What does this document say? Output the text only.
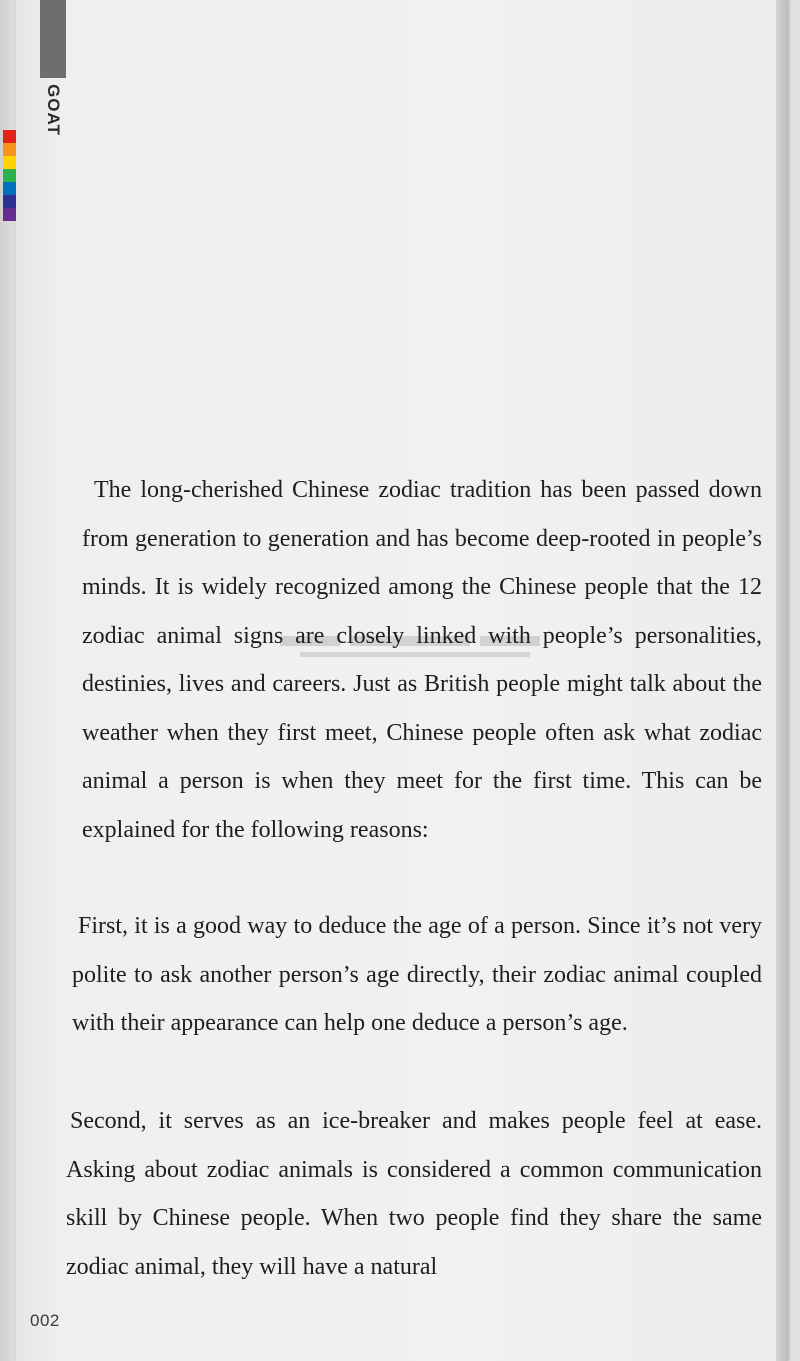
GOAT

The long-cherished Chinese zodiac tradition has been passed down from generation to generation and has become deep-rooted in people’s minds. It is widely recognized among the Chinese people that the 12 zodiac animal signs are closely linked with people’s personalities, destinies, lives and careers. Just as British people might talk about the weather when they first meet, Chinese people often ask what zodiac animal a person is when they meet for the first time. This can be explained for the following reasons:

First, it is a good way to deduce the age of a person. Since it’s not very polite to ask another person’s age directly, their zodiac animal coupled with their appearance can help one deduce a person’s age.

Second, it serves as an ice-breaker and makes people feel at ease. Asking about zodiac animals is considered a common communication skill by Chinese people. When two people find they share the same zodiac animal, they will have a natural

002
